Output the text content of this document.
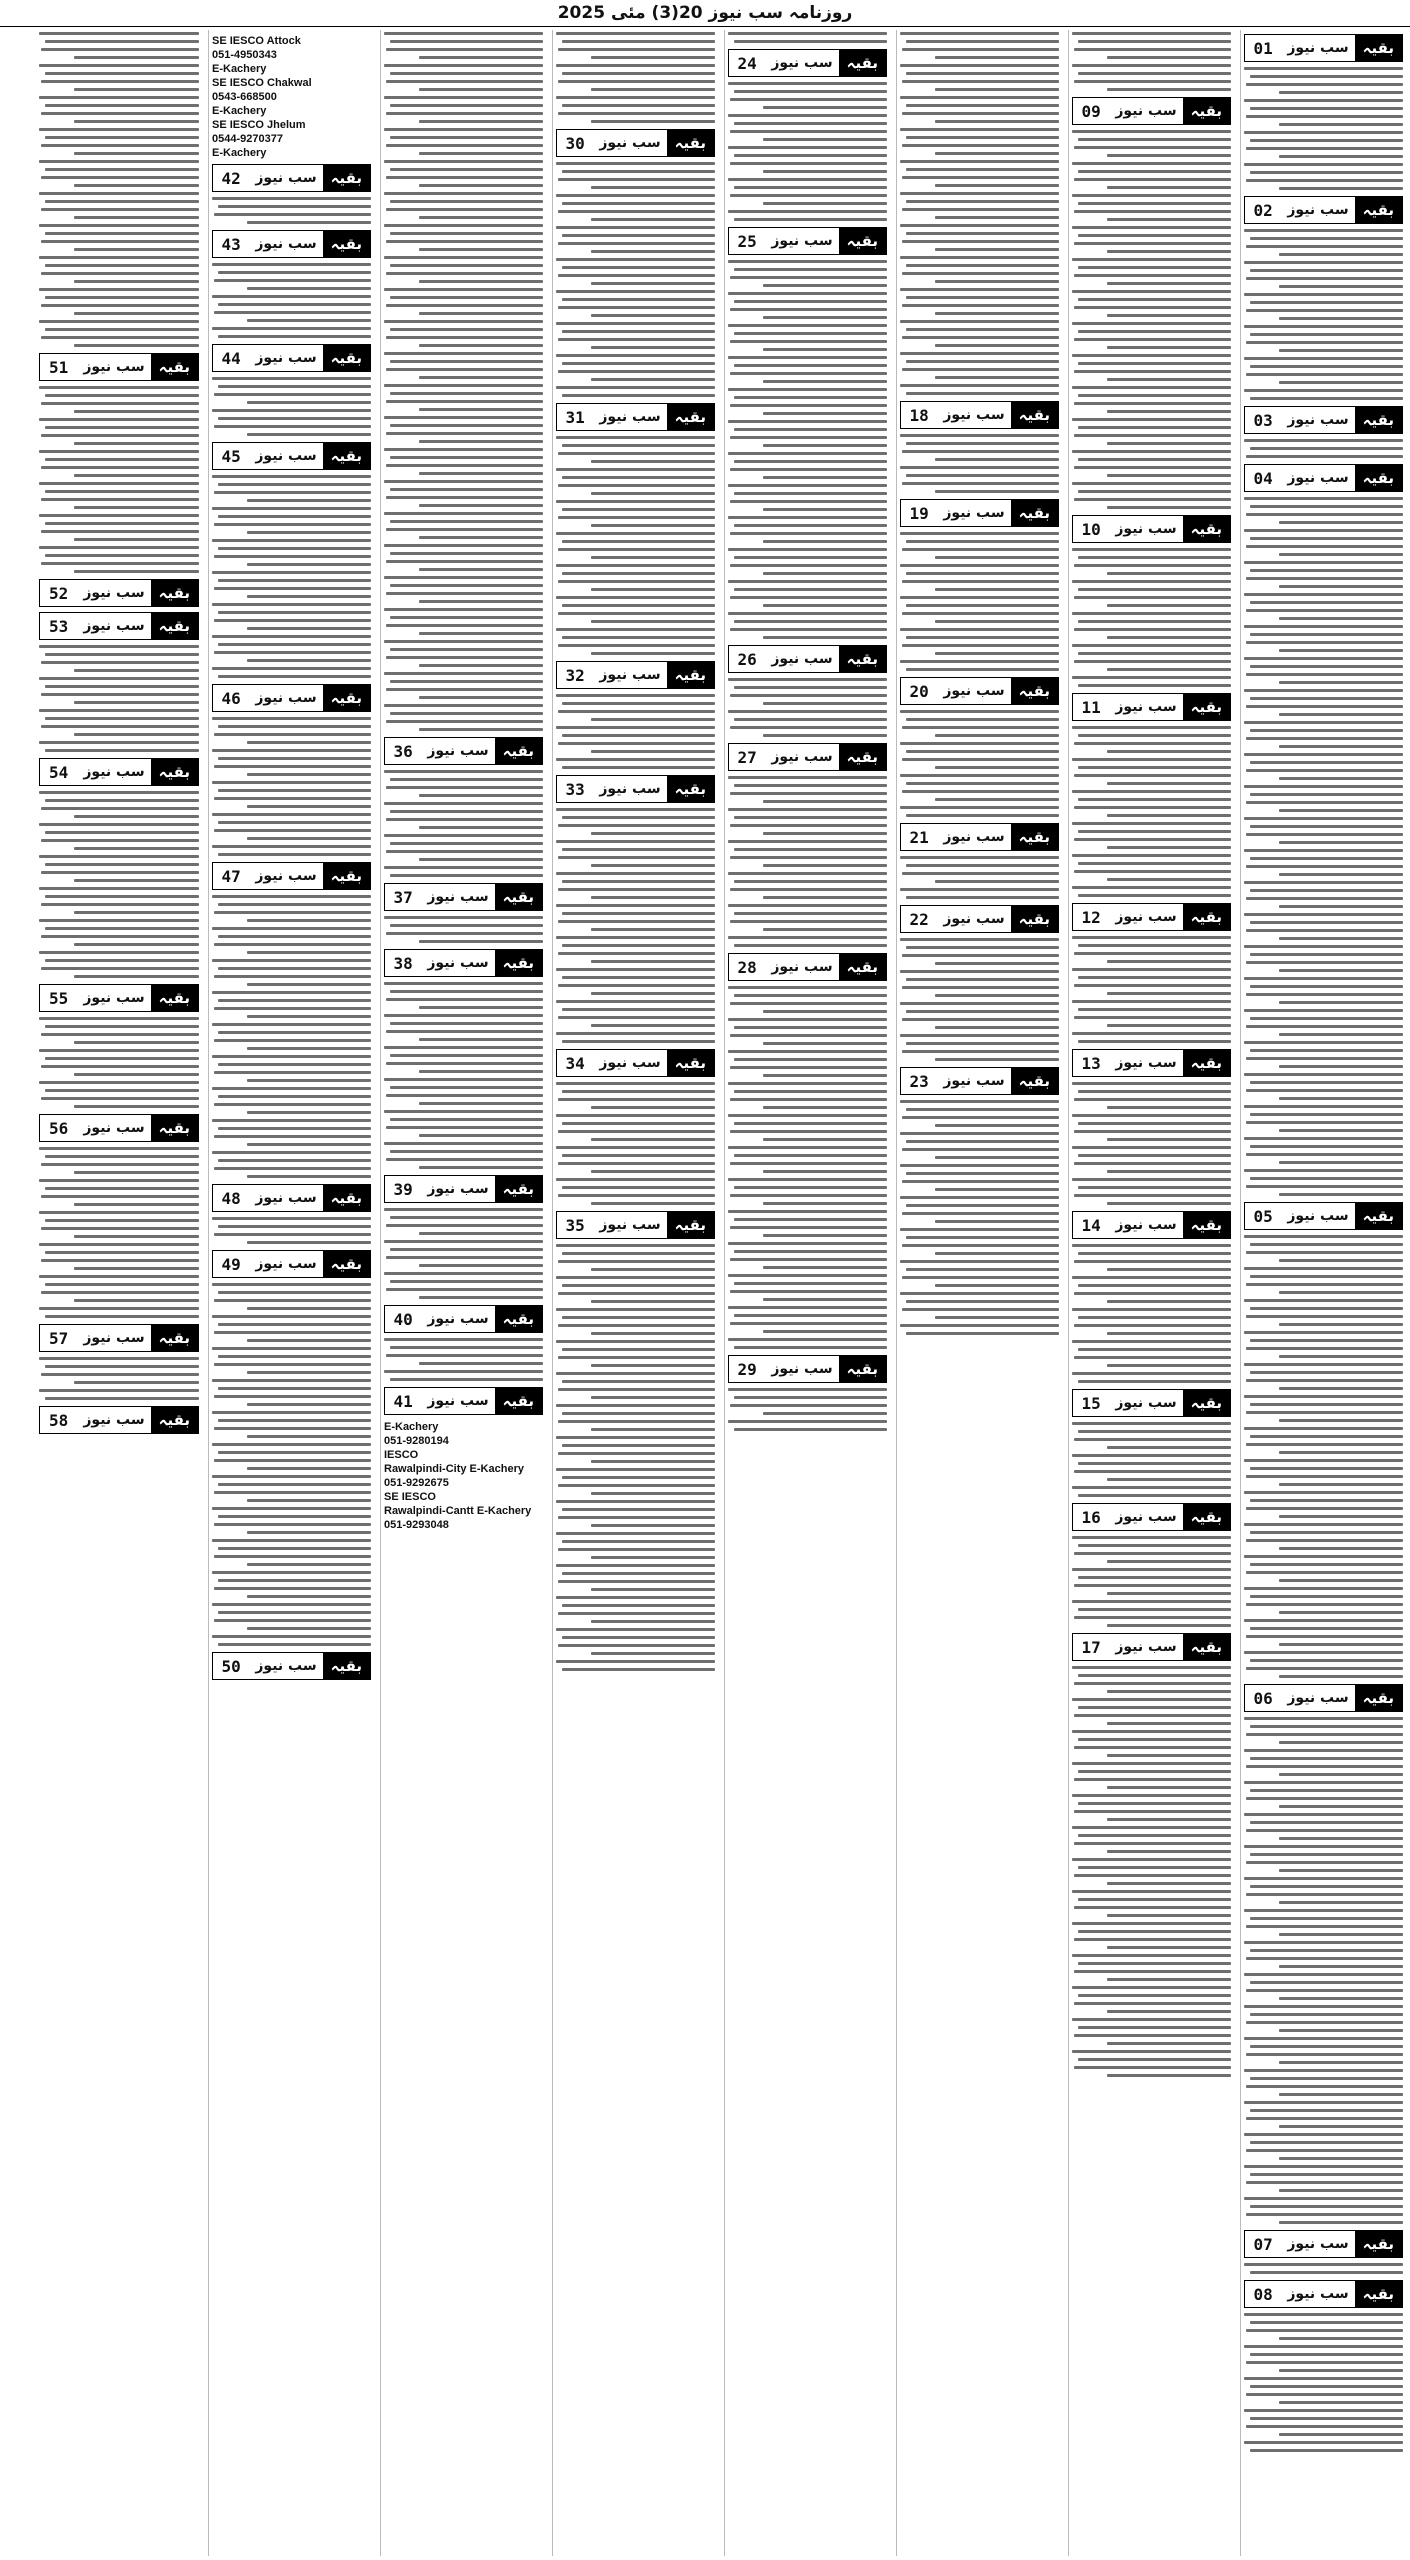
روزنامہ سب نیوز 20(3) مئی 2025
بقیہ
سب نیوز
01
بقیہ
سب نیوز
02
بقیہ
سب نیوز
03
بقیہ
سب نیوز
04
بقیہ
سب نیوز
05
بقیہ
سب نیوز
06
بقیہ
سب نیوز
07
بقیہ
سب نیوز
08
بقیہ
سب نیوز
09
بقیہ
سب نیوز
10
بقیہ
سب نیوز
11
بقیہ
سب نیوز
12
بقیہ
سب نیوز
13
بقیہ
سب نیوز
14
بقیہ
سب نیوز
15
بقیہ
سب نیوز
16
بقیہ
سب نیوز
17
بقیہ
سب نیوز
18
بقیہ
سب نیوز
19
بقیہ
سب نیوز
20
بقیہ
سب نیوز
21
بقیہ
سب نیوز
22
بقیہ
سب نیوز
23
بقیہ
سب نیوز
24
بقیہ
سب نیوز
25
بقیہ
سب نیوز
26
بقیہ
سب نیوز
27
بقیہ
سب نیوز
28
بقیہ
سب نیوز
29
بقیہ
سب نیوز
30
بقیہ
سب نیوز
31
بقیہ
سب نیوز
32
بقیہ
سب نیوز
33
بقیہ
سب نیوز
34
بقیہ
سب نیوز
35
بقیہ
سب نیوز
36
بقیہ
سب نیوز
37
بقیہ
سب نیوز
38
بقیہ
سب نیوز
39
بقیہ
سب نیوز
40
بقیہ
سب نیوز
41
E-Kachery
051-9280194
IESCO
Rawalpindi-City E-Kachery
051-9292675
SE IESCO
Rawalpindi-Cantt E-Kachery
051-9293048
SE IESCO Attock
051-4950343
E-Kachery
SE IESCO Chakwal
0543-668500
E-Kachery
SE IESCO Jhelum
0544-9270377
E-Kachery
بقیہ
سب نیوز
42
بقیہ
سب نیوز
43
بقیہ
سب نیوز
44
بقیہ
سب نیوز
45
بقیہ
سب نیوز
46
بقیہ
سب نیوز
47
بقیہ
سب نیوز
48
بقیہ
سب نیوز
49
بقیہ
سب نیوز
50
بقیہ
سب نیوز
51
بقیہ
سب نیوز
52
بقیہ
سب نیوز
53
بقیہ
سب نیوز
54
بقیہ
سب نیوز
55
بقیہ
سب نیوز
56
بقیہ
سب نیوز
57
بقیہ
سب نیوز
58
